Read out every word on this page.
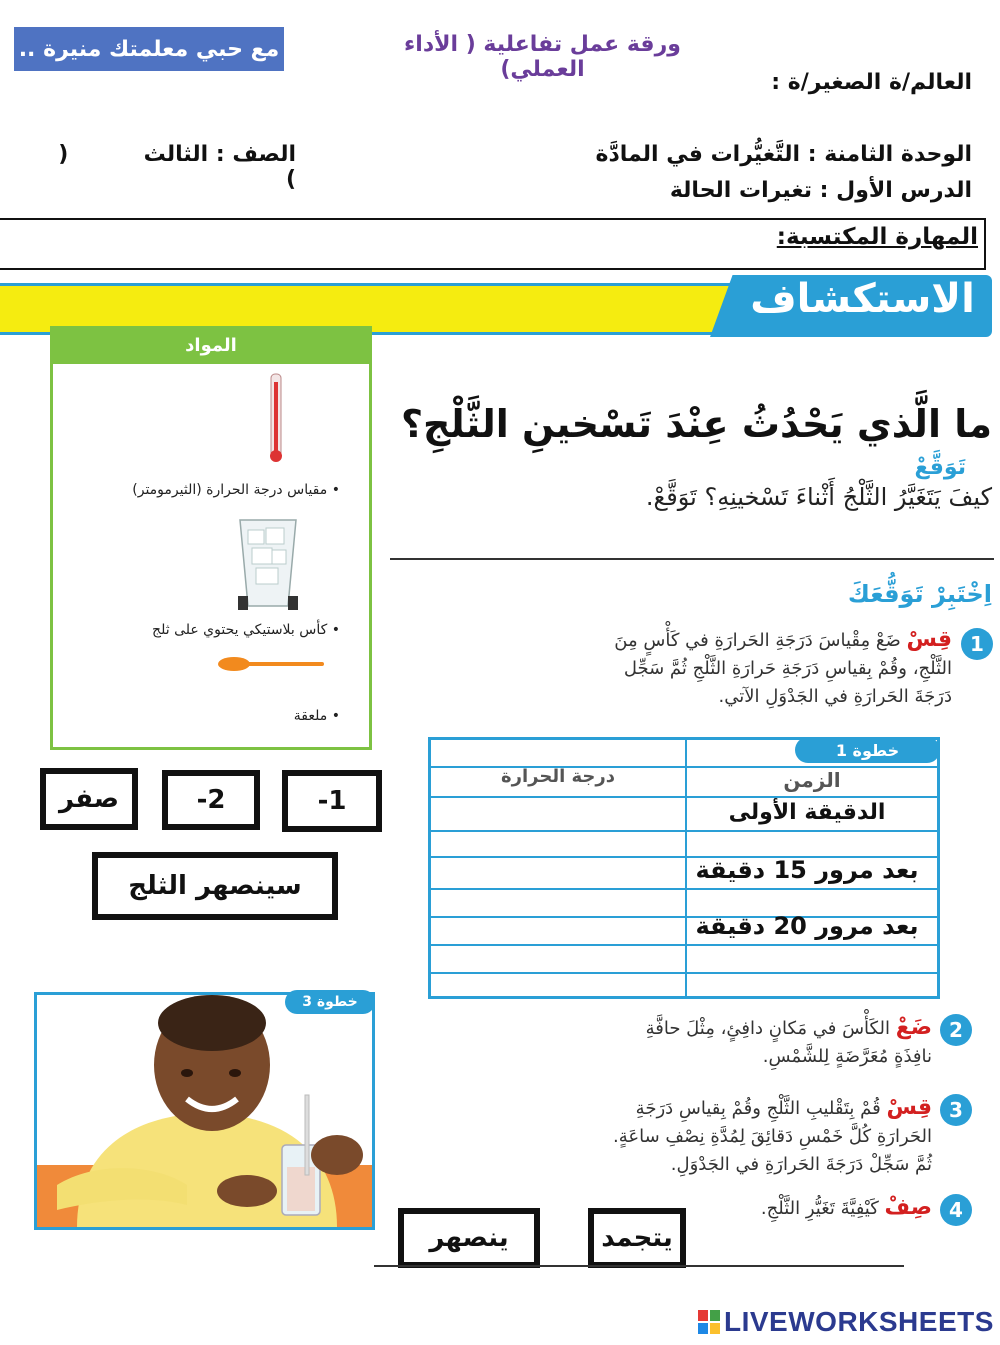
مع حبي معلمتك منيرة ..	ورقة عمل تفاعلية ( الأداء العملي)
العالم/ة الصغير/ة :
الوحدة الثامنة : التَّغيُّرات في المادَّة
الدرس الأول : تغيرات الحالة
الصف : الثالث  ( )
المهارة المكتسبة:
الاستكشاف
المواد
• مقياس درجة الحرارة (الثيرمومتر)
• كأس بلاستيكي يحتوي على ثلج
• ملعقة
صفر	2-	1-
سينصهر الثلج
ما الَّذي يَحْدُثُ عِنْدَ تَسْخينِ الثَّلْجِ؟
تَوَقَّعْ
كيفَ يَتَغَيَّرُ الثَّلْجُ أَثْناءَ تَسْخينِهِ؟ تَوَقَّعْ.
اِخْتَبِرْ تَوَقُّعَكَ
1
قِسْ ضَعْ مِقْياسَ دَرَجَةِ الحَرارَةِ في كَأْسٍ مِنَ
الثَّلْجِ، وقُمْ بِقياسِ دَرَجَةِ حَرارَةِ الثَّلْجِ ثُمَّ سَجِّل
دَرَجَةَ الحَرارَةِ في الجَدْوَلِ الآتي.
درجة الحرارة	الزمن
الدقيقة الأولى
بعد مرور 15 دقيقة
بعد مرور 20 دقيقة
خطوة 1
خطوة 3
2
ضَعْ الكَأْسَ في مَكانٍ دافِئٍ، مِثْلَ حافَّةِ
نافِذَةٍ مُعَرَّضَةٍ لِلشَّمْسِ.
3
قِسْ قُمْ بِتَقْليبِ الثَّلْجِ وقُمْ بِقياسِ دَرَجَةِ
الحَرارَةِ كُلَّ خَمْسِ دَقائِقَ لِمُدَّةِ نِصْفِ ساعَةٍ.
ثُمَّ سَجِّلْ دَرَجَةَ الحَرارَةِ في الجَدْوَلِ.
4
صِفْ كَيْفِيَّةَ تَغَيُّرِ الثَّلْجِ.
ينصهر	يتجمد
LIVEWORKSHEETS
